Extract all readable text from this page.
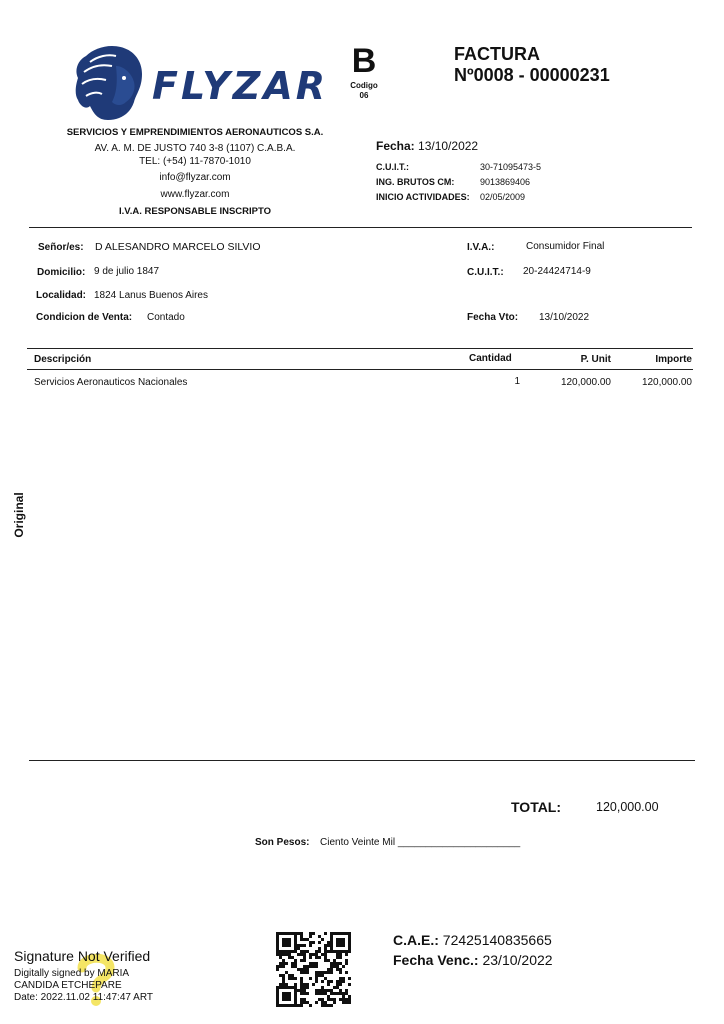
FLYZAR
SERVICIOS Y EMPRENDIMIENTOS AERONAUTICOS S.A.
AV. A. M. DE JUSTO 740 3-8 (1107) C.A.B.A.
TEL: (+54) 11-7870-1010
info@flyzar.com
www.flyzar.com
I.V.A. RESPONSABLE INSCRIPTO
B
Codigo
06
FACTURA
Nº0008 - 00000231
Fecha: 13/10/2022
C.U.I.T.:	30-71095473-5
ING. BRUTOS CM:	9013869406
INICIO ACTIVIDADES: 02/05/2009
Señor/es: D ALESANDRO MARCELO SILVIO
Domicilio: 9 de julio 1847
Localidad: 1824 Lanus Buenos Aires
Condicion de Venta: Contado
I.V.A.:	Consumidor Final
C.U.I.T.: 20-24424714-9
Fecha Vto: 13/10/2022
Descripción	Cantidad	P. Unit	Importe
Servicios Aeronauticos Nacionales	1	120,000.00	120,000.00
Original
TOTAL:	120,000.00
Son Pesos: Ciento Veinte Mil ______________________
Signature Not Verified
Digitally signed by MARIA
CANDIDA ETCHEPARE
Date: 2022.11.02 11:47:47 ART
C.A.E.: 72425140835665
Fecha Venc.: 23/10/2022
